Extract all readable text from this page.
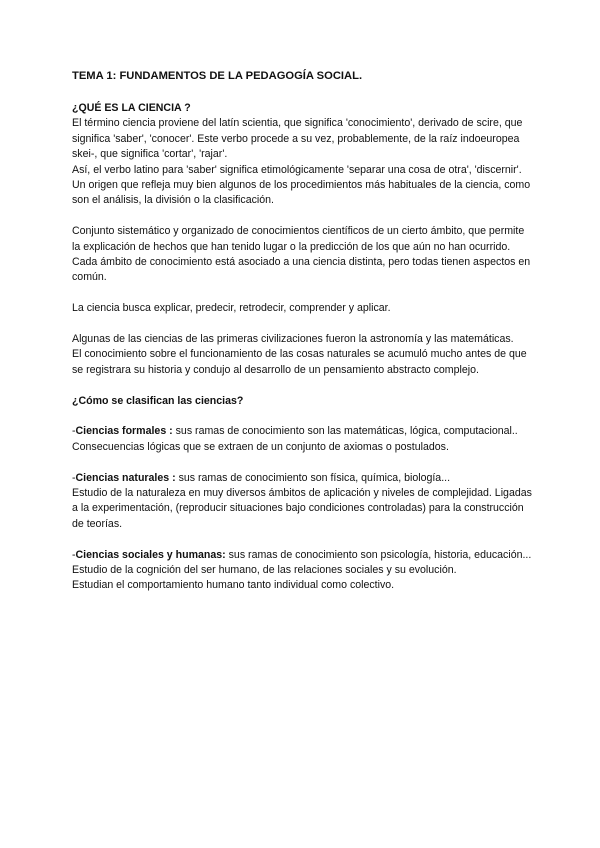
TEMA 1: FUNDAMENTOS DE LA PEDAGOGÍA SOCIAL.

¿QUÉ ES LA CIENCIA ?

El término ciencia proviene del latín scientia, que significa 'conocimiento', derivado de scire, que significa 'saber', 'conocer'. Este verbo procede a su vez, probablemente, de la raíz indoeuropea skei-, que significa 'cortar', 'rajar'.

Así, el verbo latino para 'saber' significa etimológicamente 'separar una cosa de otra', 'discernir'. Un origen que refleja muy bien algunos de los procedimientos más habituales de la ciencia, como son el análisis, la división o la clasificación.

Conjunto sistemático y organizado de conocimientos científicos de un cierto ámbito, que permite la explicación de hechos que han tenido lugar o la predicción de los que aún no han ocurrido. Cada ámbito de conocimiento está asociado a una ciencia distinta, pero todas tienen aspectos en común.

La ciencia busca explicar, predecir, retrodecir, comprender y aplicar.

Algunas de las ciencias de las primeras civilizaciones fueron la astronomía y las matemáticas.

El conocimiento sobre el funcionamiento de las cosas naturales se acumuló mucho antes de que se registrara su historia y condujo al desarrollo de un pensamiento abstracto complejo.

¿Cómo se clasifican las ciencias?

-Ciencias formales : sus ramas de conocimiento son las matemáticas, lógica, computacional..

Consecuencias lógicas que se extraen de un conjunto de axiomas o postulados.

-Ciencias naturales : sus ramas de conocimiento son física, química, biología...

Estudio de la naturaleza en muy diversos ámbitos de aplicación y niveles de complejidad. Ligadas a la experimentación, (reproducir situaciones bajo condiciones controladas) para la construcción de teorías.

-Ciencias sociales y humanas: sus ramas de conocimiento son psicología, historia, educación...

Estudio de la cognición del ser humano, de las relaciones sociales y su evolución.

Estudian el comportamiento humano tanto individual como colectivo.
